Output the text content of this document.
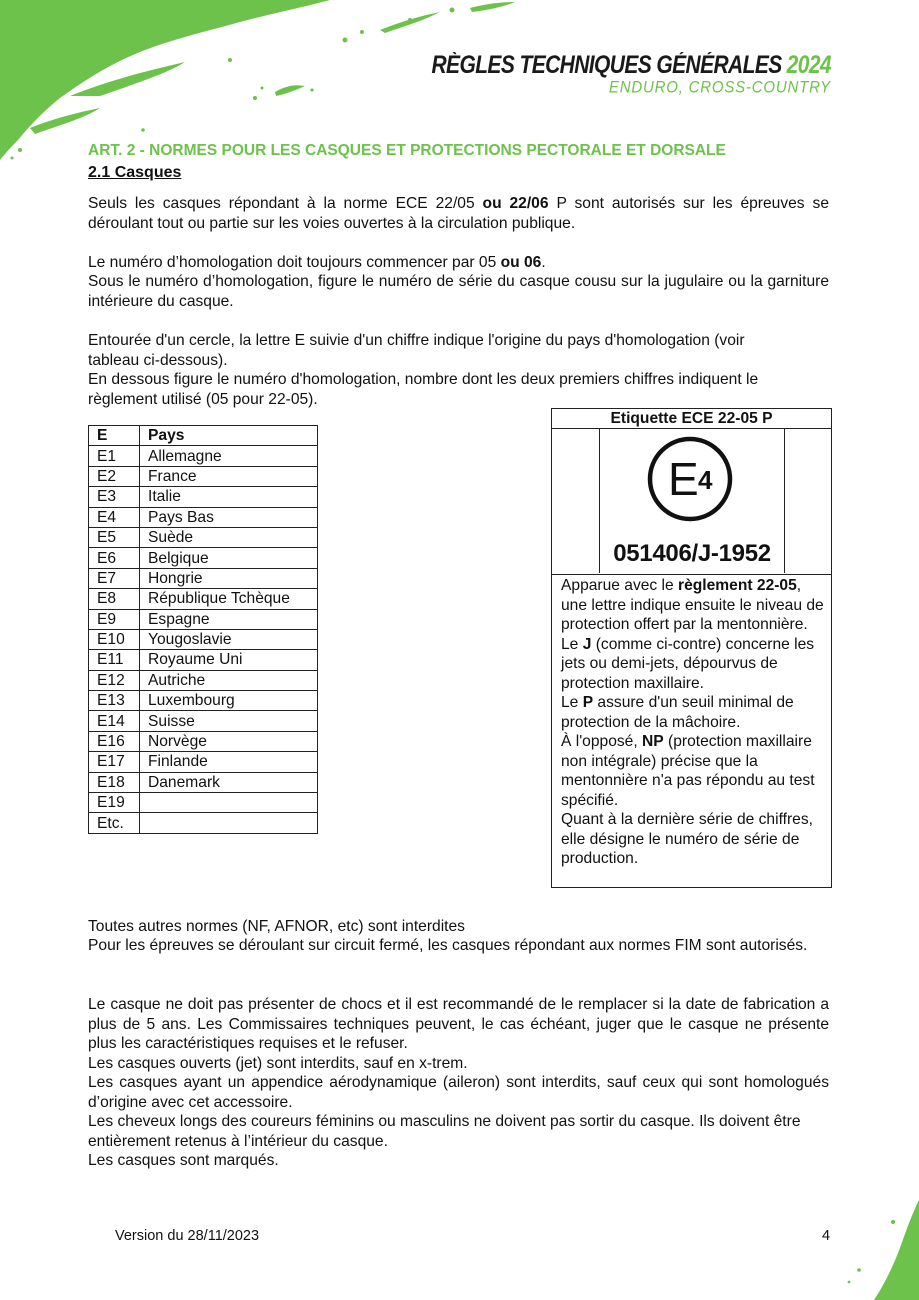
RÈGLES TECHNIQUES GÉNÉRALES 2024
ENDURO, CROSS-COUNTRY
ART. 2 - NORMES POUR LES CASQUES ET PROTECTIONS PECTORALE ET DORSALE
2.1 Casques

Seuls les casques répondant à la norme ECE 22/05 ou 22/06 P sont autorisés sur les épreuves se déroulant tout ou partie sur les voies ouvertes à la circulation publique.

Le numéro d’homologation doit toujours commencer par 05 ou 06.

Sous le numéro d’homologation, figure le numéro de série du casque cousu sur la jugulaire ou la garniture intérieure du casque.

Entourée d'un cercle, la lettre E suivie d'un chiffre indique l'origine du pays d'homologation (voir
tableau ci-dessous).

En dessous figure le numéro d'homologation, nombre dont les deux premiers chiffres indiquent le
règlement utilisé (05 pour 22-05).

E	Pays
E1	Allemagne
E2	France
E3	Italie
E4	Pays Bas
E5	Suède
E6	Belgique
E7	Hongrie
E8	République Tchèque
E9	Espagne
E10	Yougoslavie
E11	Royaume Uni
E12	Autriche
E13	Luxembourg
E14	Suisse
E16	Norvège
E17	Finlande
E18	Danemark
E19	
Etc.	
Etiquette ECE 22-05 P
E 4
051406/J-1952
Apparue avec le règlement 22-05, une lettre indique ensuite le niveau de protection offert par la mentonnière. Le J (comme ci-contre) concerne les jets ou demi-jets, dépourvus de protection maxillaire.
Le P assure d'un seuil minimal de protection de la mâchoire.
À l'opposé, NP (protection maxillaire non intégrale) précise que la mentonnière n'a pas répondu au test spécifié.
Quant à la dernière série de chiffres, elle désigne le numéro de série de production.

Toutes autres normes (NF, AFNOR, etc) sont interdites

Pour les épreuves se déroulant sur circuit fermé, les casques répondant aux normes FIM sont autorisés.

Le casque ne doit pas présenter de chocs et il est recommandé de le remplacer si la date de fabrication a plus de 5 ans. Les Commissaires techniques peuvent, le cas échéant, juger que le casque ne présente plus les caractéristiques requises et le refuser.

Les casques ouverts (jet) sont interdits, sauf en x-trem.

Les casques ayant un appendice aérodynamique (aileron) sont interdits, sauf ceux qui sont homologués d’origine avec cet accessoire.

Les cheveux longs des coureurs féminins ou masculins ne doivent pas sortir du casque. Ils doivent être entièrement retenus à l’intérieur du casque.

Les casques sont marqués.

Version du 28/11/2023	4
